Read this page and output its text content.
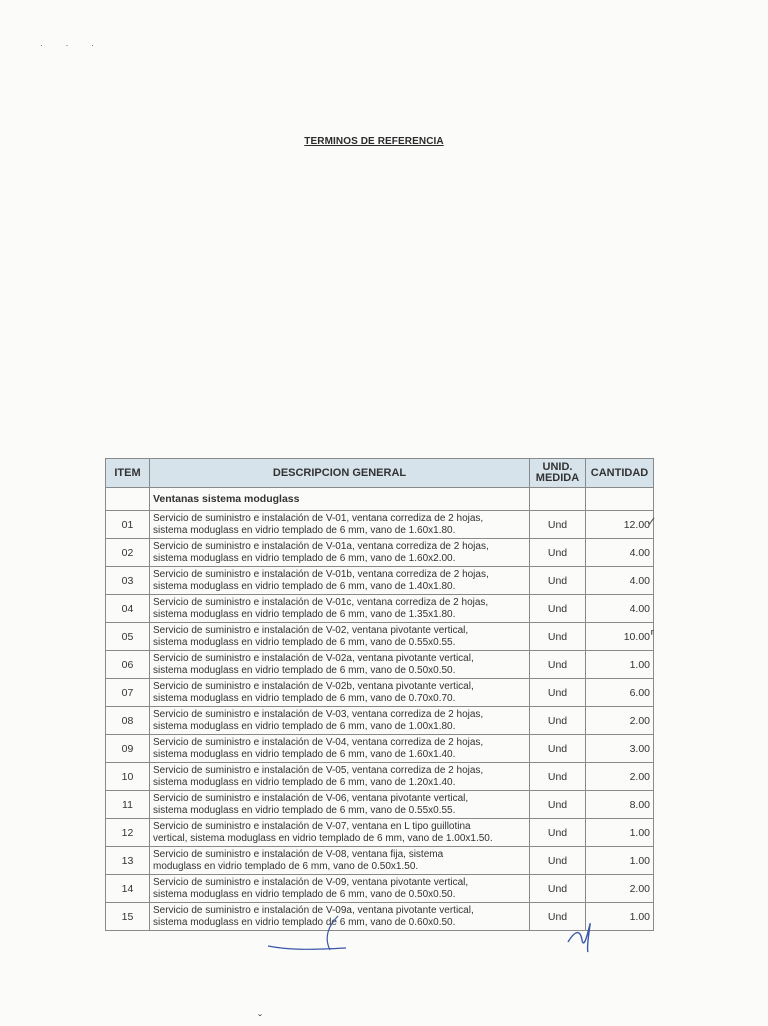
· · ·
TERMINOS DE REFERENCIA
ITEM	DESCRIPCION GENERAL	UNID.
MEDIDA	CANTIDAD
	Ventanas sistema moduglass		
01	Servicio de suministro e instalación de V-01, ventana corrediza de 2 hojas,
sistema moduglass en vidrio templado de 6 mm, vano de 1.60x1.80.	Und	12.00
02	Servicio de suministro e instalación de V-01a, ventana corrediza de 2 hojas,
sistema moduglass en vidrio templado de 6 mm, vano de 1.60x2.00.	Und	4.00
03	Servicio de suministro e instalación de V-01b, ventana corrediza de 2 hojas,
sistema moduglass en vidrio templado de 6 mm, vano de 1.40x1.80.	Und	4.00
04	Servicio de suministro e instalación de V-01c, ventana corrediza de 2 hojas,
sistema moduglass en vidrio templado de 6 mm, vano de 1.35x1.80.	Und	4.00
05	Servicio de suministro e instalación de V-02, ventana pivotante vertical,
sistema moduglass en vidrio templado de 6 mm, vano de 0.55x0.55.	Und	10.00
06	Servicio de suministro e instalación de V-02a, ventana pivotante vertical,
sistema moduglass en vidrio templado de 6 mm, vano de 0.50x0.50.	Und	1.00
07	Servicio de suministro e instalación de V-02b, ventana pivotante vertical,
sistema moduglass en vidrio templado de 6 mm, vano de 0.70x0.70.	Und	6.00
08	Servicio de suministro e instalación de V-03, ventana corrediza de 2 hojas,
sistema moduglass en vidrio templado de 6 mm, vano de 1.00x1.80.	Und	2.00
09	Servicio de suministro e instalación de V-04, ventana corrediza de 2 hojas,
sistema moduglass en vidrio templado de 6 mm, vano de 1.60x1.40.	Und	3.00
10	Servicio de suministro e instalación de V-05, ventana corrediza de 2 hojas,
sistema moduglass en vidrio templado de 6 mm, vano de 1.20x1.40.	Und	2.00
11	Servicio de suministro e instalación de V-06, ventana pivotante vertical,
sistema moduglass en vidrio templado de 6 mm, vano de 0.55x0.55.	Und	8.00
12	Servicio de suministro e instalación de V-07, ventana en L tipo guillotina
vertical, sistema moduglass en vidrio templado de 6 mm, vano de 1.00x1.50.	Und	1.00
13	Servicio de suministro e instalación de V-08, ventana fija, sistema
moduglass en vidrio templado de 6 mm, vano de 0.50x1.50.	Und	1.00
14	Servicio de suministro e instalación de V-09, ventana pivotante vertical,
sistema moduglass en vidrio templado de 6 mm, vano de 0.50x0.50.	Und	2.00
15	Servicio de suministro e instalación de V-09a, ventana pivotante vertical,
sistema moduglass en vidrio templado de 6 mm, vano de 0.60x0.50.	Und	1.00
✓
⸢
ˇ
